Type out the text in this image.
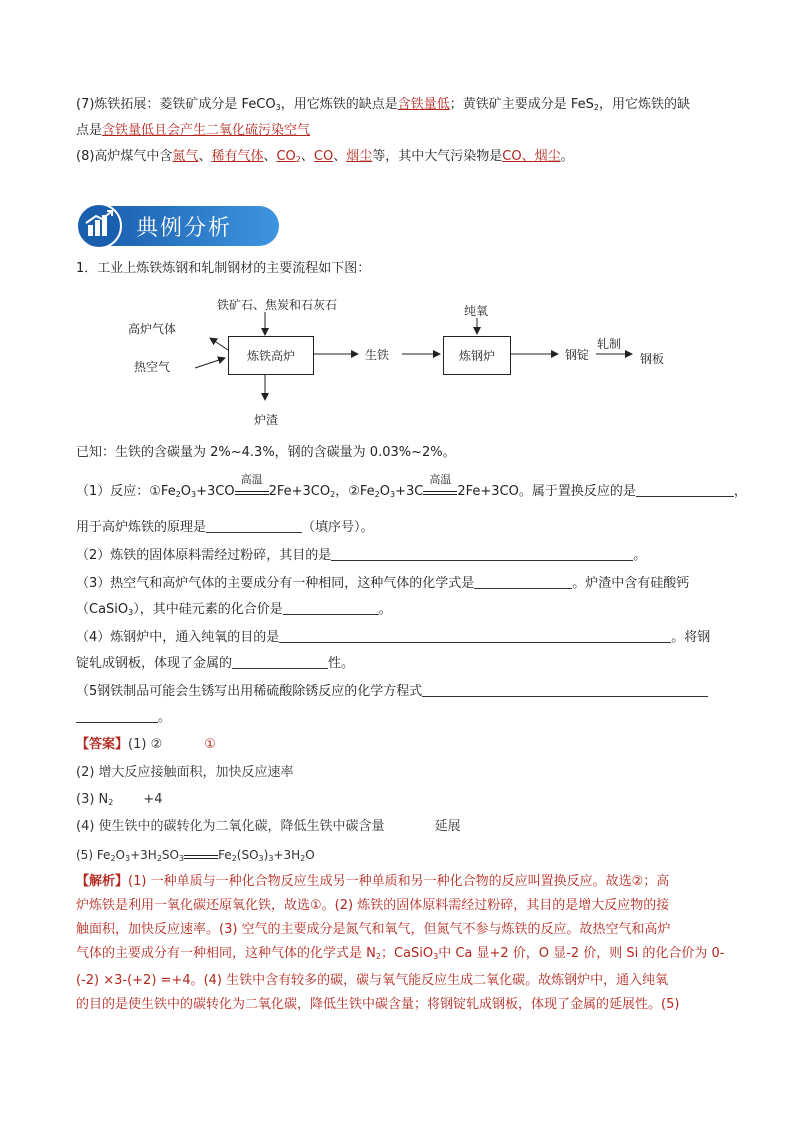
(7)炼铁拓展：菱铁矿成分是 FeCO$_3$，用它炼铁的缺点是含铁量低；黄铁矿主要成分是 FeS$_2$，用它炼铁的缺
点是含铁量低且会产生二氧化硫污染空气
(8)高炉煤气中含氮气、稀有气体、$CO_2$、CO、烟尘等，其中大气污染物是CO、烟尘。
典例分析
1．工业上炼铁炼钢和轧制钢材的主要流程如下图：
铁矿石、焦炭和石灰石
高炉气体
热空气
炼铁高炉	生铁
炉渣
纯氧
炼钢炉	钢锭
轧制
钢板
已知：生铁的含碳量为 2%~4.3%，钢的含碳量为 0.03%~2%。
（1）反应：$①Fe_2O_3+3CO$
高温
$2Fe+3CO_2$，$②Fe_2O_3+3C$
高温
2Fe+3CO。属于置换反应的是	，
用于高炉炼铁的原理是	（填序号）。
（2）炼铁的固体原料需经过粉碎，其目的是	。
（3）热空气和高炉气体的主要成分有一种相同，这种气体的化学式是	。炉渣中含有硅酸钙
（CaSiO$_3$），其中硅元素的化合价是	。
（4）炼钢炉中，通入纯氧的目的是	。将钢
锭轧成钢板，体现了金属的	性。
（5钢铁制品可能会生锈写出用稀硫酸除锈反应的化学方程式
。
【答案】(1) ②	①
(2) 增大反应接触面积，加快反应速率
(3) $N_2 +4$
(4) 使生铁中的碳转化为二氧化碳，降低生铁中碳含量	延展
(5) $Fe_2O_3+3H_2SO_3$	$Fe_2(SO_3)_3+3H_2O$
【解析】(1) 一种单质与一种化合物反应生成另一种单质和另一种化合物的反应叫置换反应。故选②；高
炉炼铁是利用一氧化碳还原氧化铁，故选①。(2) 炼铁的固体原料需经过粉碎，其目的是增大反应物的接
触面积，加快反应速率。(3) 空气的主要成分是氮气和氧气，但氮气不参与炼铁的反应。故热空气和高炉
气体的主要成分有一种相同，这种气体的化学式是 $N_2$；CaSiO$_3$中 Ca 显+2 价，O 显-2 价，则 Si 的化合价为 0-
(-2) ×3-(+2) =+4。(4) 生铁中含有较多的碳，碳与氧气能反应生成二氧化碳。故炼钢炉中，通入纯氧
的目的是使生铁中的碳转化为二氧化碳，降低生铁中碳含量；将钢锭轧成钢板，体现了金属的延展性。(5)
